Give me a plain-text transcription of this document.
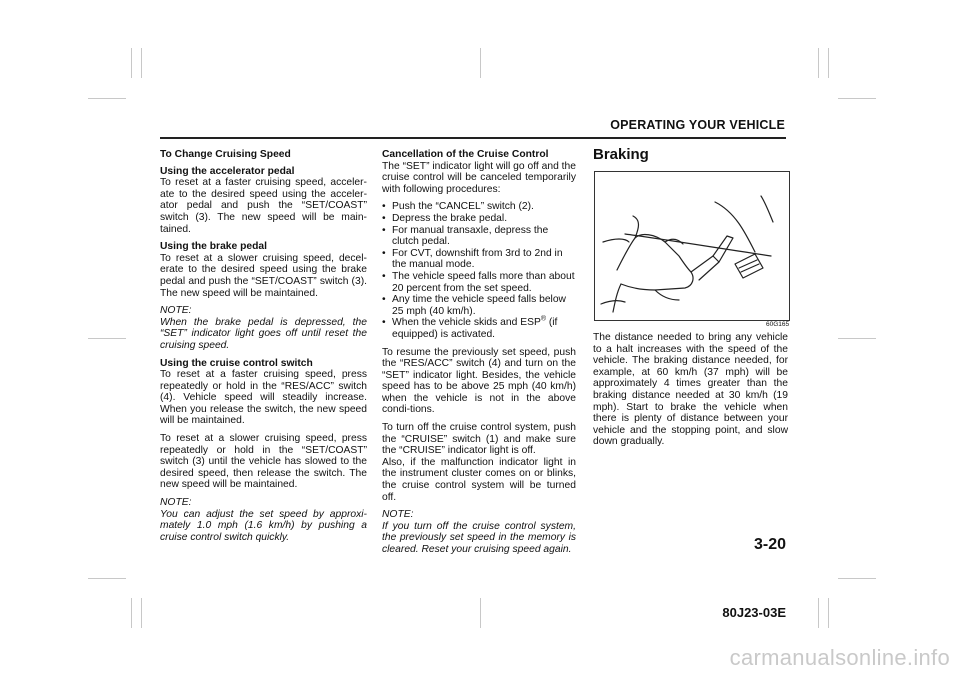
OPERATING YOUR VEHICLE

To Change Cruising Speed

Using the accelerator pedal

To reset at a faster cruising speed, acceler-ate to the desired speed using the acceler-ator pedal and push the “SET/COAST” switch (3). The new speed will be main-tained.

Using the brake pedal

To reset at a slower cruising speed, decel-erate to the desired speed using the brake pedal and push the “SET/COAST” switch (3). The new speed will be maintained.

NOTE:
When the brake pedal is depressed, the “SET” indicator light goes off until reset the cruising speed.

Using the cruise control switch

To reset at a faster cruising speed, press repeatedly or hold in the “RES/ACC” switch (4). Vehicle speed will steadily increase. When you release the switch, the new speed will be maintained.

To reset at a slower cruising speed, press repeatedly or hold in the “SET/COAST” switch (3) until the vehicle has slowed to the desired speed, then release the switch. The new speed will be maintained.

NOTE:
You can adjust the set speed by approxi-mately 1.0 mph (1.6 km/h) by pushing a cruise control switch quickly.

Cancellation of the Cruise Control

The “SET” indicator light will go off and the cruise control will be canceled temporarily with following procedures:

• Push the “CANCEL” switch (2).
• Depress the brake pedal.
• For manual transaxle, depress the clutch pedal.
• For CVT, downshift from 3rd to 2nd in the manual mode.
• The vehicle speed falls more than about 20 percent from the set speed.
• Any time the vehicle speed falls below 25 mph (40 km/h).
• When the vehicle skids and ESP® (if equipped) is activated.

To resume the previously set speed, push the “RES/ACC” switch (4) and turn on the “SET” indicator light. Besides, the vehicle speed has to be above 25 mph (40 km/h) when the vehicle is not in the above condi-tions.

To turn off the cruise control system, push the “CRUISE” switch (1) and make sure the “CRUISE” indicator light is off.

Also, if the malfunction indicator light in the instrument cluster comes on or blinks, the cruise control system will be turned off.

NOTE:
If you turn off the cruise control system, the previously set speed in the memory is cleared. Reset your cruising speed again.
Braking
60G165

The distance needed to bring any vehicle to a halt increases with the speed of the vehicle. The braking distance needed, for example, at 60 km/h (37 mph) will be approximately 4 times greater than the braking distance needed at 30 km/h (19 mph). Start to brake the vehicle when there is plenty of distance between your vehicle and the stopping point, and slow down gradually.

3-20
80J23-03E
carmanualsonline.info
